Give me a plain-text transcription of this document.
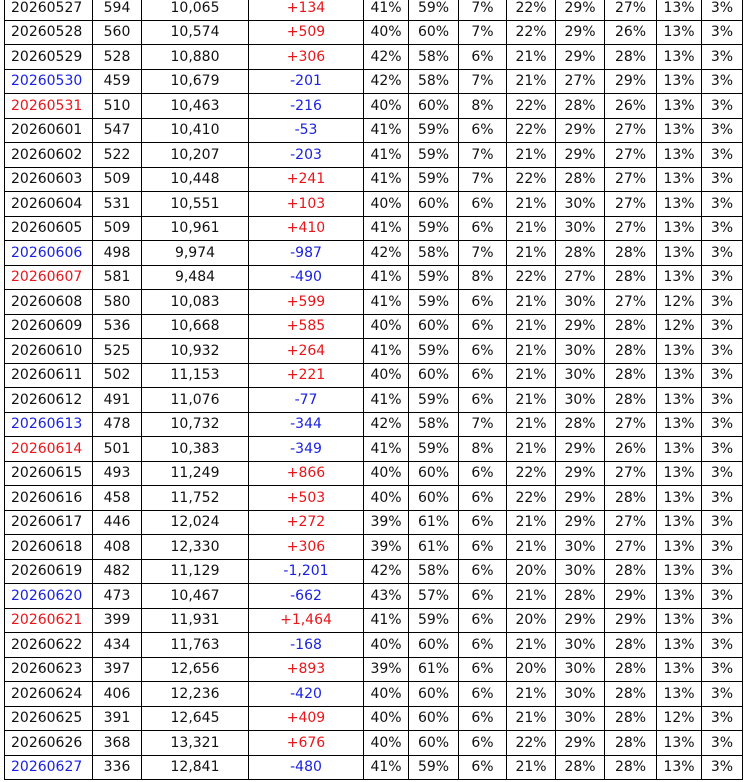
20260527	594	10,065	+134	41%	59%	7%	22%	29%	27%	13%	3%
20260528	560	10,574	+509	40%	60%	7%	22%	29%	26%	13%	3%
20260529	528	10,880	+306	42%	58%	6%	21%	29%	28%	13%	3%
20260530	459	10,679	-201	42%	58%	7%	21%	27%	29%	13%	3%
20260531	510	10,463	-216	40%	60%	8%	22%	28%	26%	13%	3%
20260601	547	10,410	-53	41%	59%	6%	22%	29%	27%	13%	3%
20260602	522	10,207	-203	41%	59%	7%	21%	29%	27%	13%	3%
20260603	509	10,448	+241	41%	59%	7%	22%	28%	27%	13%	3%
20260604	531	10,551	+103	40%	60%	6%	21%	30%	27%	13%	3%
20260605	509	10,961	+410	41%	59%	6%	21%	30%	27%	13%	3%
20260606	498	9,974	-987	42%	58%	7%	21%	28%	28%	13%	3%
20260607	581	9,484	-490	41%	59%	8%	22%	27%	28%	13%	3%
20260608	580	10,083	+599	41%	59%	6%	21%	30%	27%	12%	3%
20260609	536	10,668	+585	40%	60%	6%	21%	29%	28%	12%	3%
20260610	525	10,932	+264	41%	59%	6%	21%	30%	28%	13%	3%
20260611	502	11,153	+221	40%	60%	6%	21%	30%	28%	13%	3%
20260612	491	11,076	-77	41%	59%	6%	21%	30%	28%	13%	3%
20260613	478	10,732	-344	42%	58%	7%	21%	28%	27%	13%	3%
20260614	501	10,383	-349	41%	59%	8%	21%	29%	26%	13%	3%
20260615	493	11,249	+866	40%	60%	6%	22%	29%	27%	13%	3%
20260616	458	11,752	+503	40%	60%	6%	22%	29%	28%	13%	3%
20260617	446	12,024	+272	39%	61%	6%	21%	29%	27%	13%	3%
20260618	408	12,330	+306	39%	61%	6%	21%	30%	27%	13%	3%
20260619	482	11,129	-1,201	42%	58%	6%	20%	30%	28%	13%	3%
20260620	473	10,467	-662	43%	57%	6%	21%	28%	29%	13%	3%
20260621	399	11,931	+1,464	41%	59%	6%	20%	29%	29%	13%	3%
20260622	434	11,763	-168	40%	60%	6%	21%	30%	28%	13%	3%
20260623	397	12,656	+893	39%	61%	6%	20%	30%	28%	13%	3%
20260624	406	12,236	-420	40%	60%	6%	21%	30%	28%	13%	3%
20260625	391	12,645	+409	40%	60%	6%	21%	30%	28%	12%	3%
20260626	368	13,321	+676	40%	60%	6%	22%	29%	28%	13%	3%
20260627	336	12,841	-480	41%	59%	6%	21%	28%	28%	13%	3%
